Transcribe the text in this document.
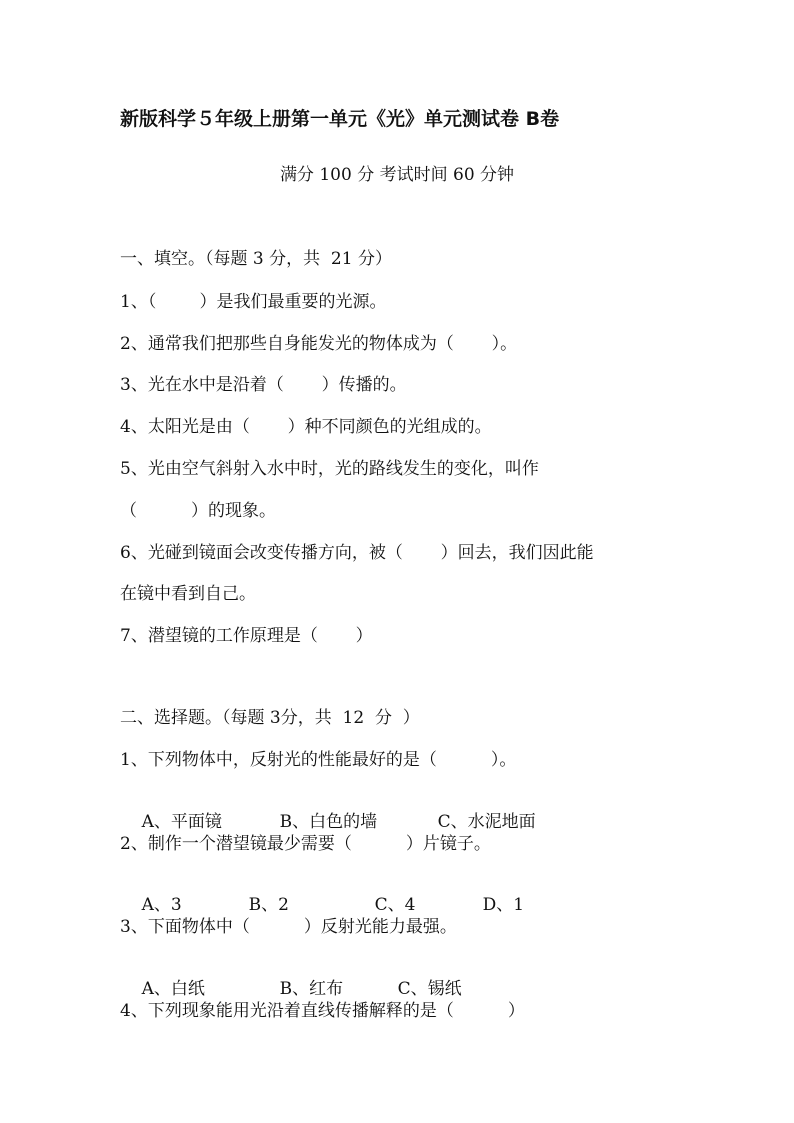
新版科学５年级上册第一单元《光》单元测试卷 B卷
满分 100 分 考试时间 60 分钟
一、填空。（每题 3 分，共  21 分）
1、（        ）是我们最重要的光源。
2、通常我们把那些自身能发光的物体成为（       ）。
3、光在水中是沿着（       ）传播的。
4、太阳光是由（       ）种不同颜色的光组成的。
5、光由空气斜射入水中时，光的路线发生的变化，叫作
（          ）的现象。
6、光碰到镜面会改变传播方向，被（       ）回去，我们因此能
在镜中看到自己。
7、潜望镜的工作原理是（       ）
二、选择题。（每题 3分，共  12  分  ）
1、下列物体中，反射光的性能最好的是（          ）。

A、平面镜	B、白色的墙	C、水泥地面

2、制作一个潜望镜最少需要（          ）片镜子。

A、3	B、2	C、4	D、1

3、下面物体中（          ）反射光能力最强。

A、白纸	B、红布	C、锡纸

4、下列现象能用光沿着直线传播解释的是（          ）
